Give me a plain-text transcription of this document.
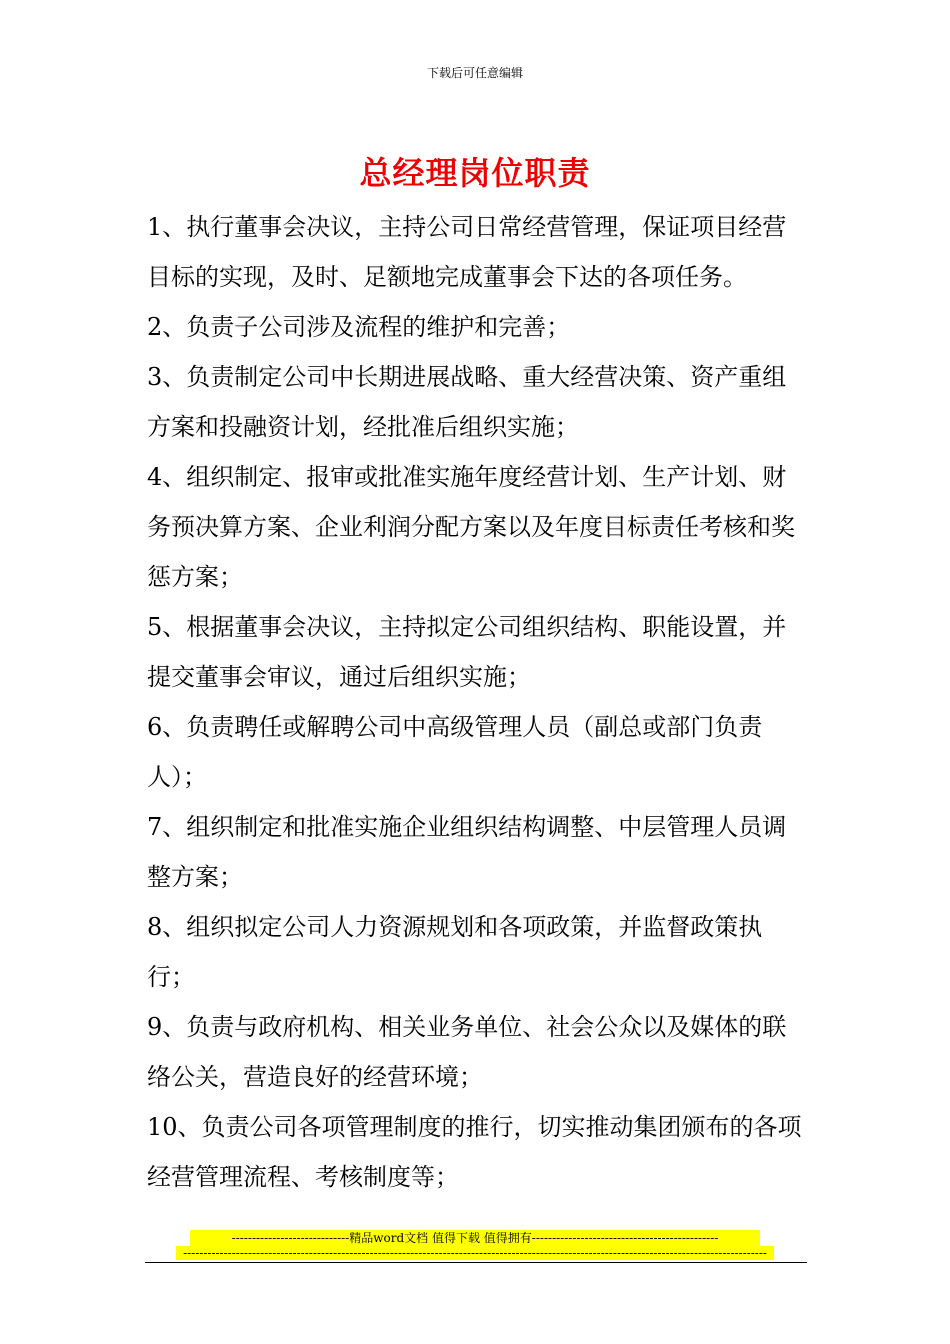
下载后可任意编辑
总经理岗位职责
1、执行董事会决议，主持公司日常经营管理，保证项目经营目标的实现，及时、足额地完成董事会下达的各项任务。
2、负责子公司涉及流程的维护和完善；
3、负责制定公司中长期进展战略、重大经营决策、资产重组方案和投融资计划，经批准后组织实施；
4、组织制定、报审或批准实施年度经营计划、生产计划、财务预决算方案、企业利润分配方案以及年度目标责任考核和奖惩方案；
5、根据董事会决议，主持拟定公司组织结构、职能设置，并提交董事会审议，通过后组织实施；
6、负责聘任或解聘公司中高级管理人员（副总或部门负责人）；
7、组织制定和批准实施企业组织结构调整、中层管理人员调整方案；
8、组织拟定公司人力资源规划和各项政策，并监督政策执行；
9、负责与政府机构、相关业务单位、社会公众以及媒体的联络公关，营造良好的经营环境；
10、负责公司各项管理制度的推行，切实推动集团颁布的各项经营管理流程、考核制度等；
-----------------------------精品word文档 值得下载 值得拥有----------------------------------------------
------------------------------------------------------------------------------------------------------------------------------------------------
